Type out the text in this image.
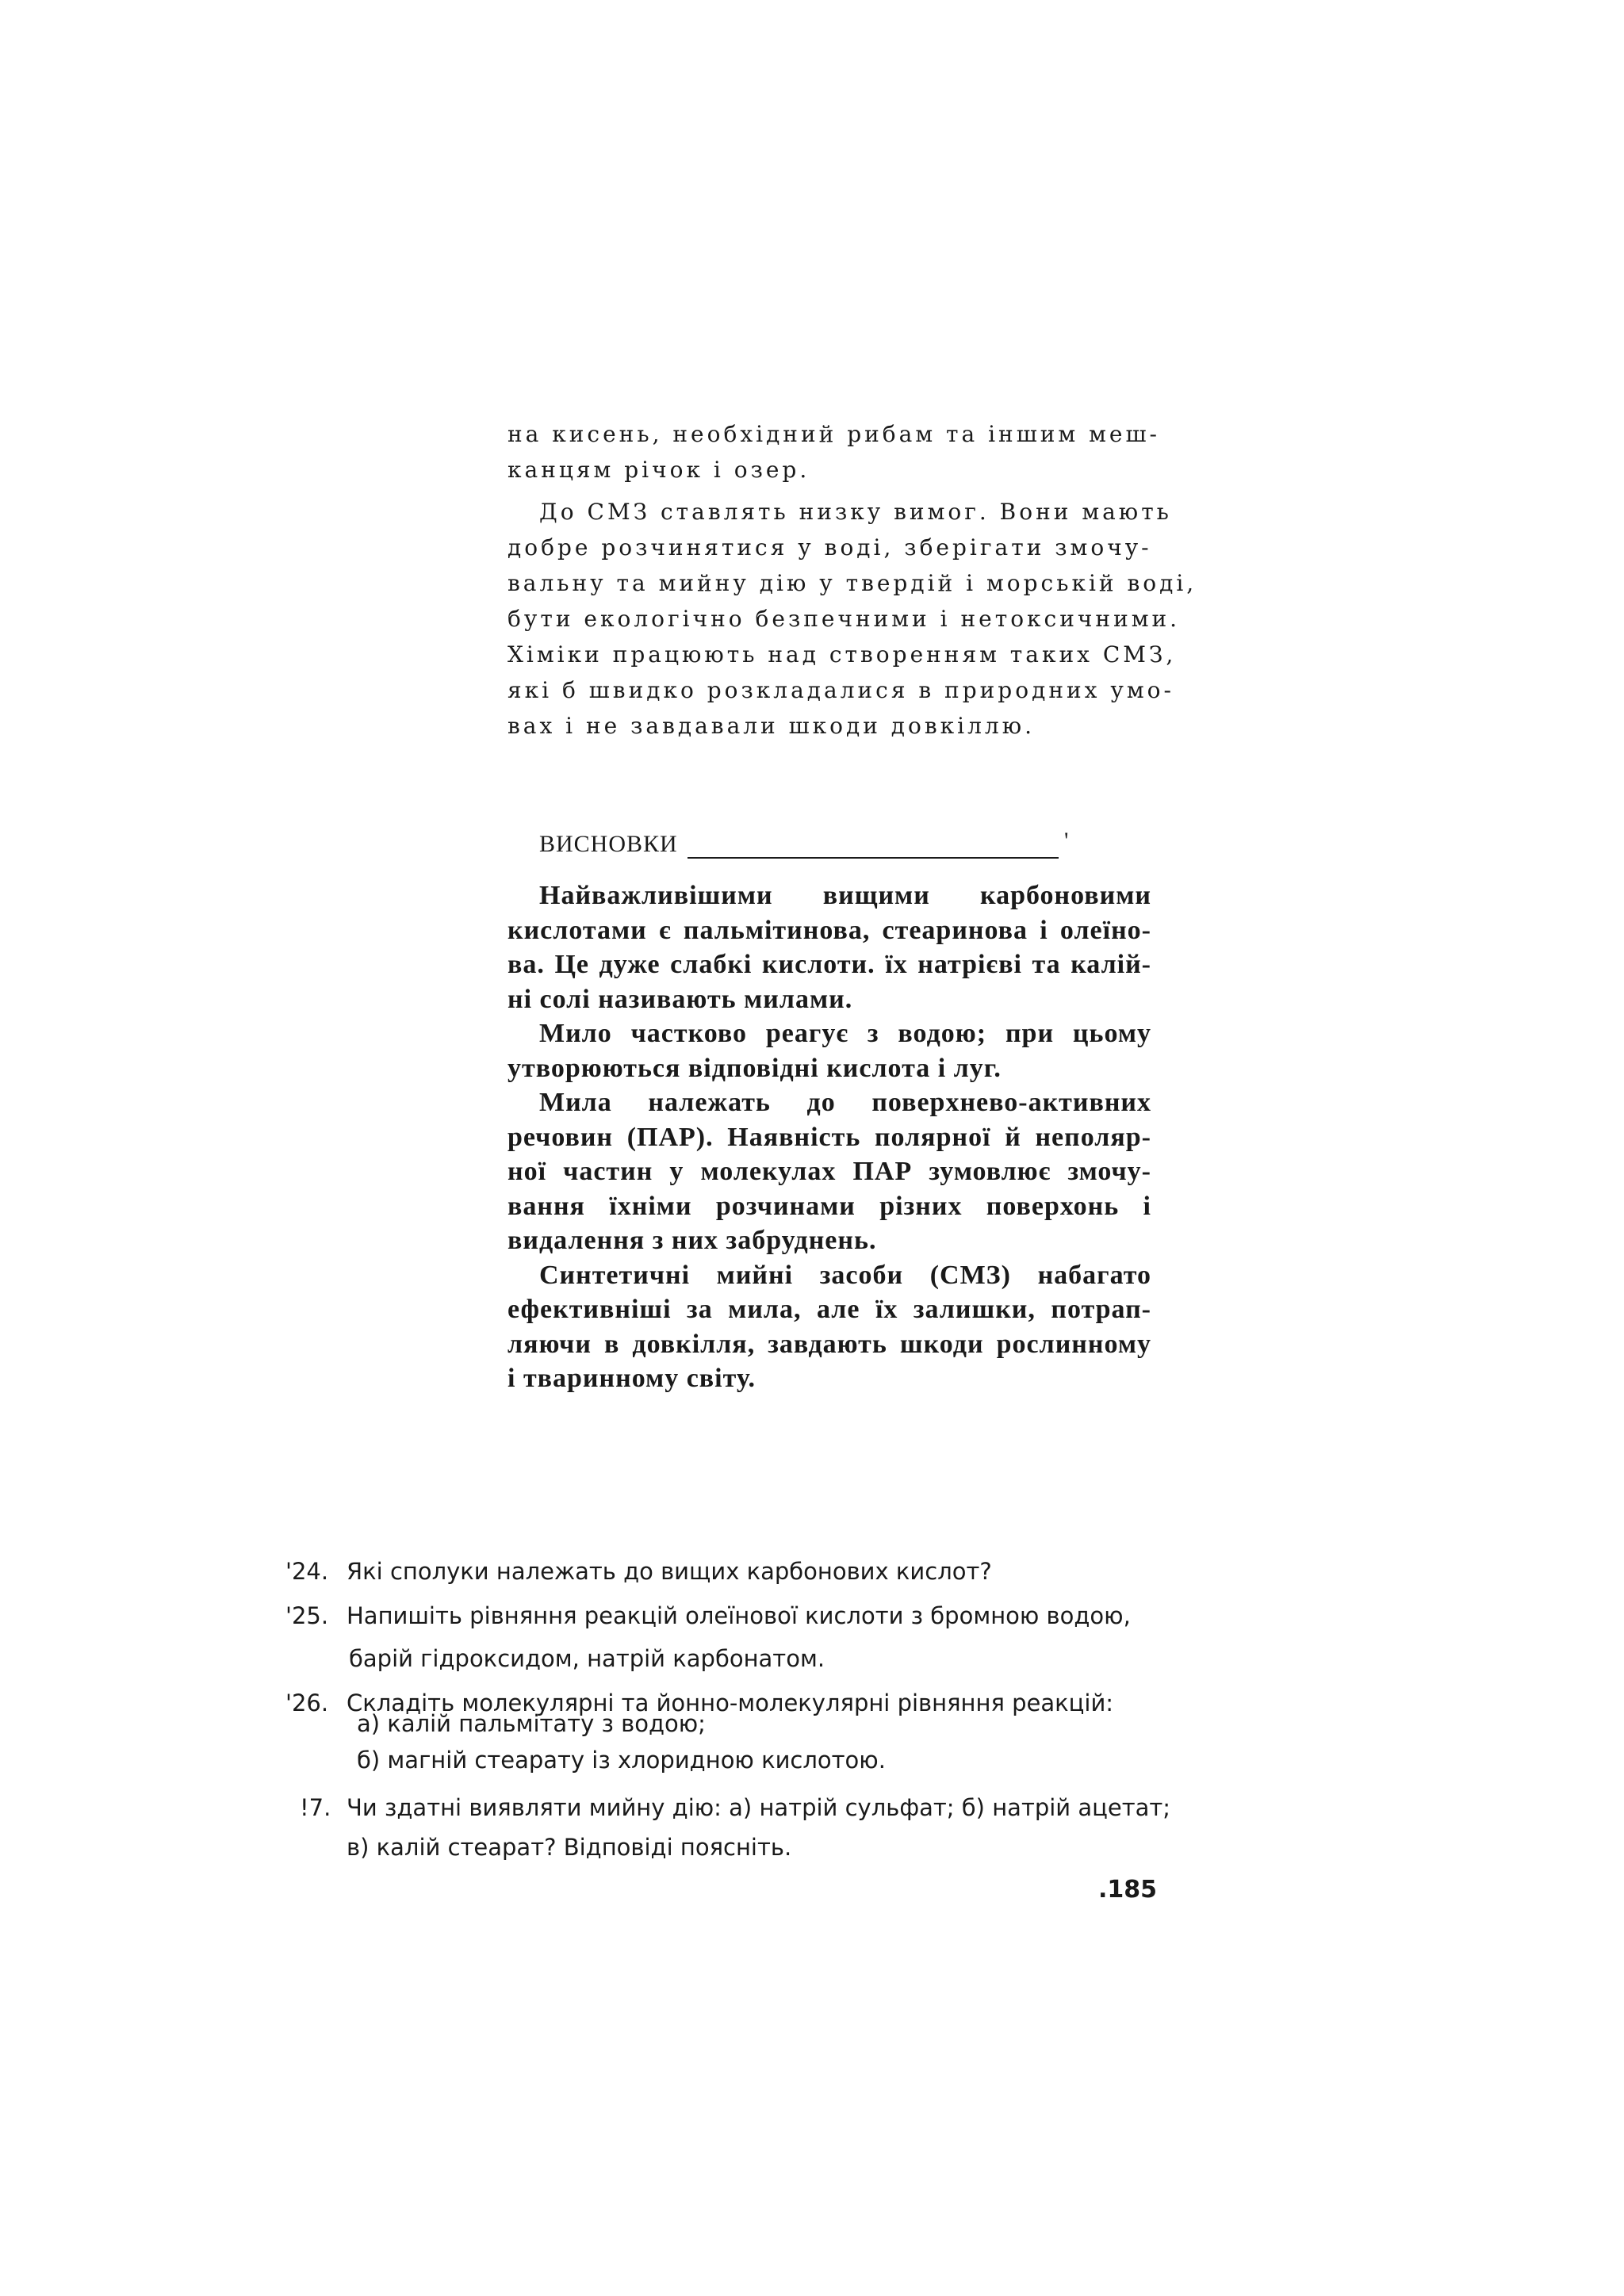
на кисень, необхідний рибам та іншим меш-
канцям річок і озер.
До СМЗ ставлять низку вимог. Вони мають
добре розчинятися у воді, зберігати змочу-
вальну та мийну дію у твердій і морській воді,
бути екологічно безпечними і нетоксичними.
Хіміки працюють над створенням таких СМЗ,
які б швидко розкладалися в природних умо-
вах і не завдавали шкоди довкіллю.
ВИСНОВКИ	'
Найважливішими вищими карбоновими
кислотами є пальмітинова, стеаринова і олеїно-
ва. Це дуже слабкі кислоти. їх натрієві та калій-
ні солі називають милами.
Мило частково реагує з водою; при цьому
утворюються відповідні кислота і луг.
Мила належать до поверхнево-активних
речовин (ПАР). Наявність полярної й неполяр-
ної частин у молекулах ПАР зумовлює змочу-
вання їхніми розчинами різних поверхонь і
видалення з них забруднень.
Синтетичні мийні засоби (СМЗ) набагато
ефективніші за мила, але їх залишки, потрап-
ляючи в довкілля, завдають шкоди рослинному
і тваринному світу.
'24. Які сполуки належать до вищих карбонових кислот?
'25. Напишіть рівняння реакцій олеїнової кислоти з бромною водою,
барій гідроксидом, натрій карбонатом.
'26. Складіть молекулярні та йонно-молекулярні рівняння реакцій:
а) калій пальмітату з водою;
б) магній стеарату із хлоридною кислотою.
!7. Чи здатні виявляти мийну дію: а) натрій сульфат; б) натрій ацетат;
в) калій стеарат? Відповіді поясніть.
.185
